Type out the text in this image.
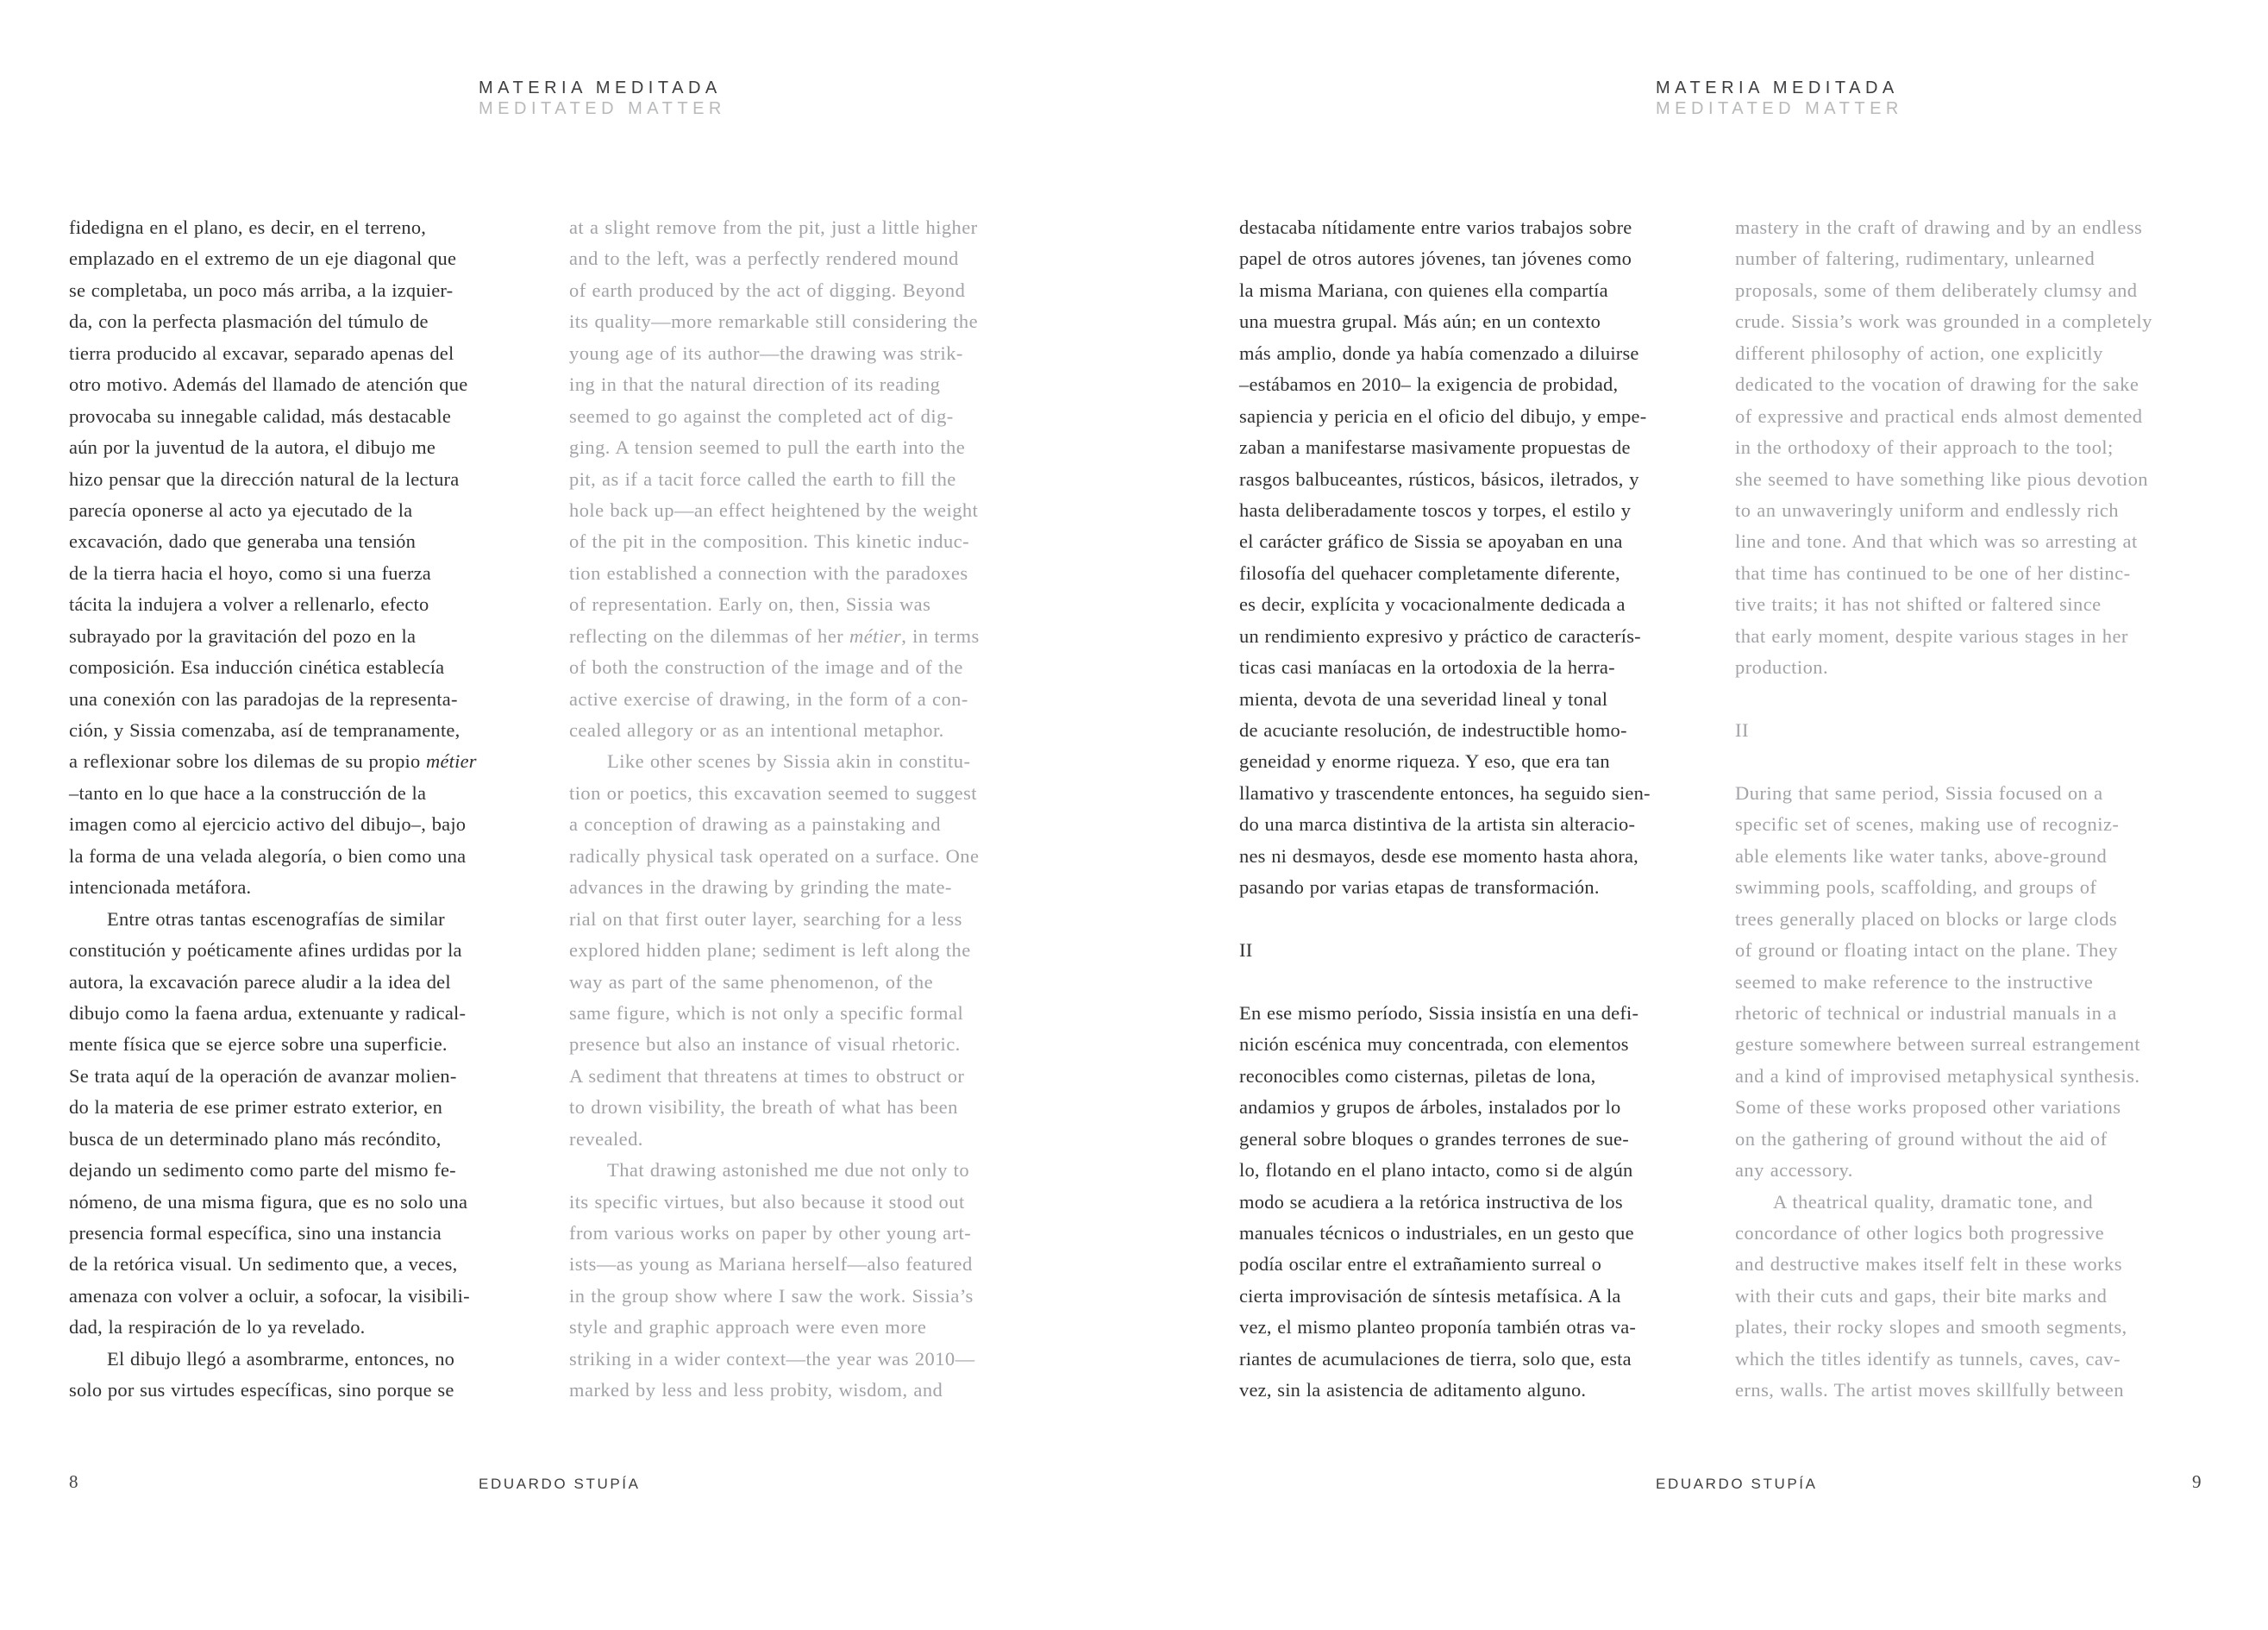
MATERIA MEDITADA
MEDITATED MATTER
MATERIA MEDITADA
MEDITATED MATTER
fidedigna en el plano, es decir, en el terreno,
emplazado en el extremo de un eje diagonal que
se completaba, un poco más arriba, a la izquier-
da, con la perfecta plasmación del túmulo de
tierra producido al excavar, separado apenas del
otro motivo. Además del llamado de atención que
provocaba su innegable calidad, más destacable
aún por la juventud de la autora, el dibujo me
hizo pensar que la dirección natural de la lectura
parecía oponerse al acto ya ejecutado de la
excavación, dado que generaba una tensión
de la tierra hacia el hoyo, como si una fuerza
tácita la indujera a volver a rellenarlo, efecto
subrayado por la gravitación del pozo en la
composición. Esa inducción cinética establecía
una conexión con las paradojas de la representa-
ción, y Sissia comenzaba, así de tempranamente,
a reflexionar sobre los dilemas de su propio métier
–tanto en lo que hace a la construcción de la
imagen como al ejercicio activo del dibujo–, bajo
la forma de una velada alegoría, o bien como una
intencionada metáfora.
Entre otras tantas escenografías de similar
constitución y poéticamente afines urdidas por la
autora, la excavación parece aludir a la idea del
dibujo como la faena ardua, extenuante y radical-
mente física que se ejerce sobre una superficie.
Se trata aquí de la operación de avanzar molien-
do la materia de ese primer estrato exterior, en
busca de un determinado plano más recóndito,
dejando un sedimento como parte del mismo fe-
nómeno, de una misma figura, que es no solo una
presencia formal específica, sino una instancia
de la retórica visual. Un sedimento que, a veces,
amenaza con volver a ocluir, a sofocar, la visibili-
dad, la respiración de lo ya revelado.
El dibujo llegó a asombrarme, entonces, no
solo por sus virtudes específicas, sino porque se
at a slight remove from the pit, just a little higher
and to the left, was a perfectly rendered mound
of earth produced by the act of digging. Beyond
its quality—more remarkable still considering the
young age of its author—the drawing was strik-
ing in that the natural direction of its reading
seemed to go against the completed act of dig-
ging. A tension seemed to pull the earth into the
pit, as if a tacit force called the earth to fill the
hole back up—an effect heightened by the weight
of the pit in the composition. This kinetic induc-
tion established a connection with the paradoxes
of representation. Early on, then, Sissia was
reflecting on the dilemmas of her métier, in terms
of both the construction of the image and of the
active exercise of drawing, in the form of a con-
cealed allegory or as an intentional metaphor.
Like other scenes by Sissia akin in constitu-
tion or poetics, this excavation seemed to suggest
a conception of drawing as a painstaking and
radically physical task operated on a surface. One
advances in the drawing by grinding the mate-
rial on that first outer layer, searching for a less
explored hidden plane; sediment is left along the
way as part of the same phenomenon, of the
same figure, which is not only a specific formal
presence but also an instance of visual rhetoric.
A sediment that threatens at times to obstruct or
to drown visibility, the breath of what has been
revealed.
That drawing astonished me due not only to
its specific virtues, but also because it stood out
from various works on paper by other young art-
ists—as young as Mariana herself—also featured
in the group show where I saw the work. Sissia’s
style and graphic approach were even more
striking in a wider context—the year was 2010—
marked by less and less probity, wisdom, and
destacaba nítidamente entre varios trabajos sobre
papel de otros autores jóvenes, tan jóvenes como
la misma Mariana, con quienes ella compartía
una muestra grupal. Más aún; en un contexto
más amplio, donde ya había comenzado a diluirse
–estábamos en 2010– la exigencia de probidad,
sapiencia y pericia en el oficio del dibujo, y empe-
zaban a manifestarse masivamente propuestas de
rasgos balbuceantes, rústicos, básicos, iletrados, y
hasta deliberadamente toscos y torpes, el estilo y
el carácter gráfico de Sissia se apoyaban en una
filosofía del quehacer completamente diferente,
es decir, explícita y vocacionalmente dedicada a
un rendimiento expresivo y práctico de caracterís-
ticas casi maníacas en la ortodoxia de la herra-
mienta, devota de una severidad lineal y tonal
de acuciante resolución, de indestructible homo-
geneidad y enorme riqueza. Y eso, que era tan
llamativo y trascendente entonces, ha seguido sien-
do una marca distintiva de la artista sin alteracio-
nes ni desmayos, desde ese momento hasta ahora,
pasando por varias etapas de transformación.

II

En ese mismo período, Sissia insistía en una defi-
nición escénica muy concentrada, con elementos
reconocibles como cisternas, piletas de lona,
andamios y grupos de árboles, instalados por lo
general sobre bloques o grandes terrones de sue-
lo, flotando en el plano intacto, como si de algún
modo se acudiera a la retórica instructiva de los
manuales técnicos o industriales, en un gesto que
podía oscilar entre el extrañamiento surreal o
cierta improvisación de síntesis metafísica. A la
vez, el mismo planteo proponía también otras va-
riantes de acumulaciones de tierra, solo que, esta
vez, sin la asistencia de aditamento alguno.
mastery in the craft of drawing and by an endless
number of faltering, rudimentary, unlearned
proposals, some of them deliberately clumsy and
crude. Sissia’s work was grounded in a completely
different philosophy of action, one explicitly
dedicated to the vocation of drawing for the sake
of expressive and practical ends almost demented
in the orthodoxy of their approach to the tool;
she seemed to have something like pious devotion
to an unwaveringly uniform and endlessly rich
line and tone. And that which was so arresting at
that time has continued to be one of her distinc-
tive traits; it has not shifted or faltered since
that early moment, despite various stages in her
production.

II

During that same period, Sissia focused on a
specific set of scenes, making use of recogniz-
able elements like water tanks, above-ground
swimming pools, scaffolding, and groups of
trees generally placed on blocks or large clods
of ground or floating intact on the plane. They
seemed to make reference to the instructive
rhetoric of technical or industrial manuals in a
gesture somewhere between surreal estrangement
and a kind of improvised metaphysical synthesis.
Some of these works proposed other variations
on the gathering of ground without the aid of
any accessory.
A theatrical quality, dramatic tone, and
concordance of other logics both progressive
and destructive makes itself felt in these works
with their cuts and gaps, their bite marks and
plates, their rocky slopes and smooth segments,
which the titles identify as tunnels, caves, cav-
erns, walls. The artist moves skillfully between
8	EDUARDO STUPÍA	EDUARDO STUPÍA	9
